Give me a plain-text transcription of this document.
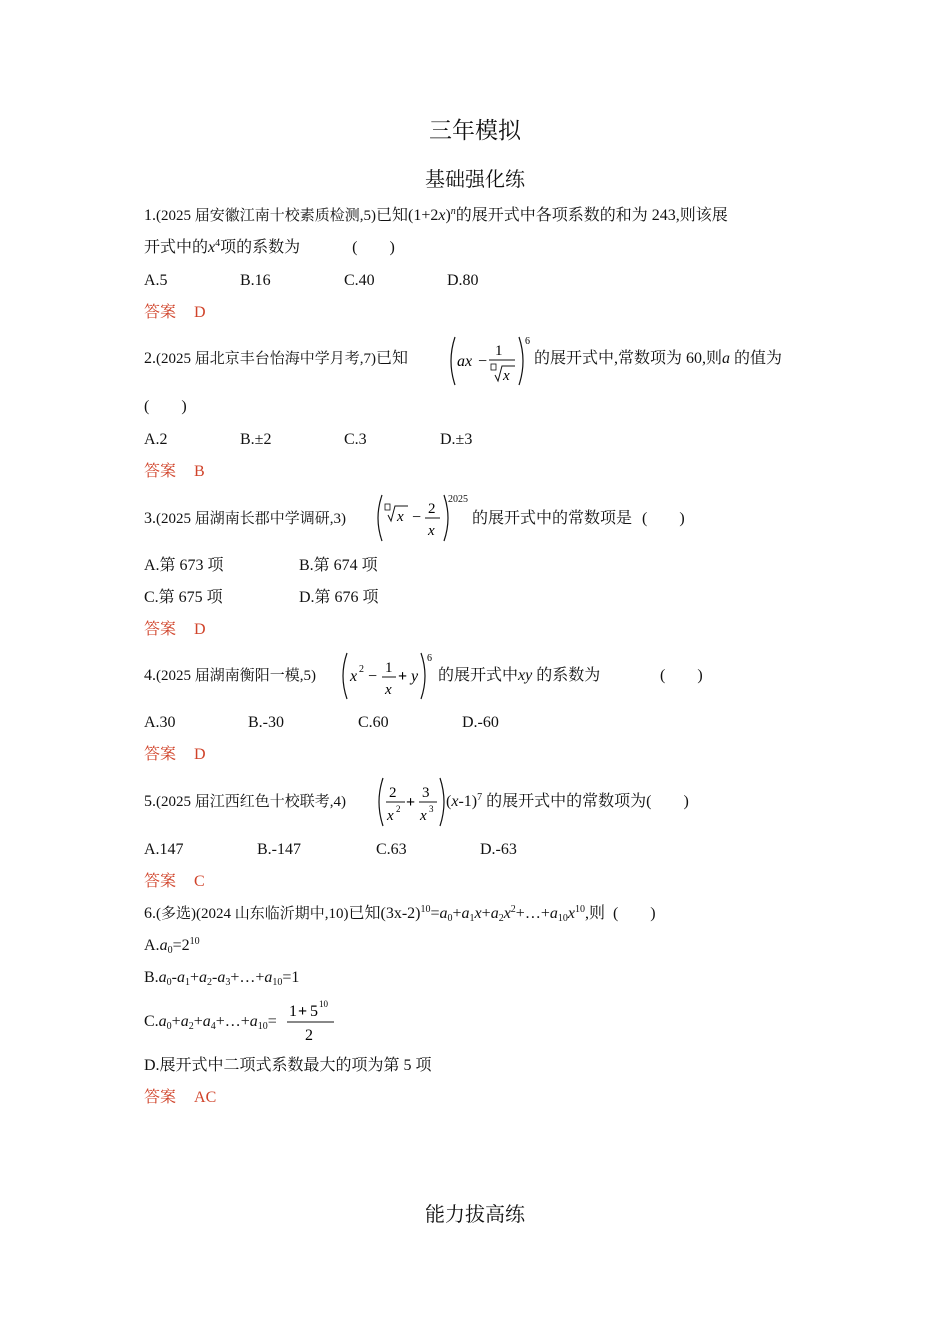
三年模拟
基础强化练
1.(2025 届安徽江南十校素质检测,5)已知$(1+2x)^n$的展开式中各项系数的和为 243,则该展
开式中的$x^4$项的系数为	(　　)
A.5	B.16	C.40	D.80
答案 D
2.(2025 届北京丰台怡海中学月考,7)已知	ax −
1
x
6
的展开式中,常数项为 60,则a 的值为
(　　)
A.2	B.±2	C.3	D.±3
答案 B
3.(2025 届湖南长郡中学调研,3)	x − 2
x
2025
的展开式中的常数项是 (　　)
A.第 673 项	B.第 674 项
C.第 675 项	D.第 676 项
答案 D
4.(2025 届湖南衡阳一模,5) x 2 − 1
x
+ y
6
的展开式中xy 的系数为	(　　)
A.30	B.-30	C.60	D.-60
答案 D
5.(2025 届江西红色十校联考,4)
2
x 2 +
3
x 3 $(x-1)^7$ 的展开式中的常数项为(　　)
A.147	B.-147	C.63	D.-63
答案 C
6.(多选)(2024 山东临沂期中,10)已知$(3x-2)^{10}=a_0+a_1x+a_2x^2+\dots+a_{10}x^{10}$,则 (　　)
$A.a_0=2^{10}$
$B.a_0-a_1+a_2-a_3+\dots+a_{10}=1$
$C.a_0+a_2+a_4+\dots+a_{10}=$
1 + 5 10
2
D.展开式中二项式系数最大的项为第 5 项
答案 AC
能力拔高练
